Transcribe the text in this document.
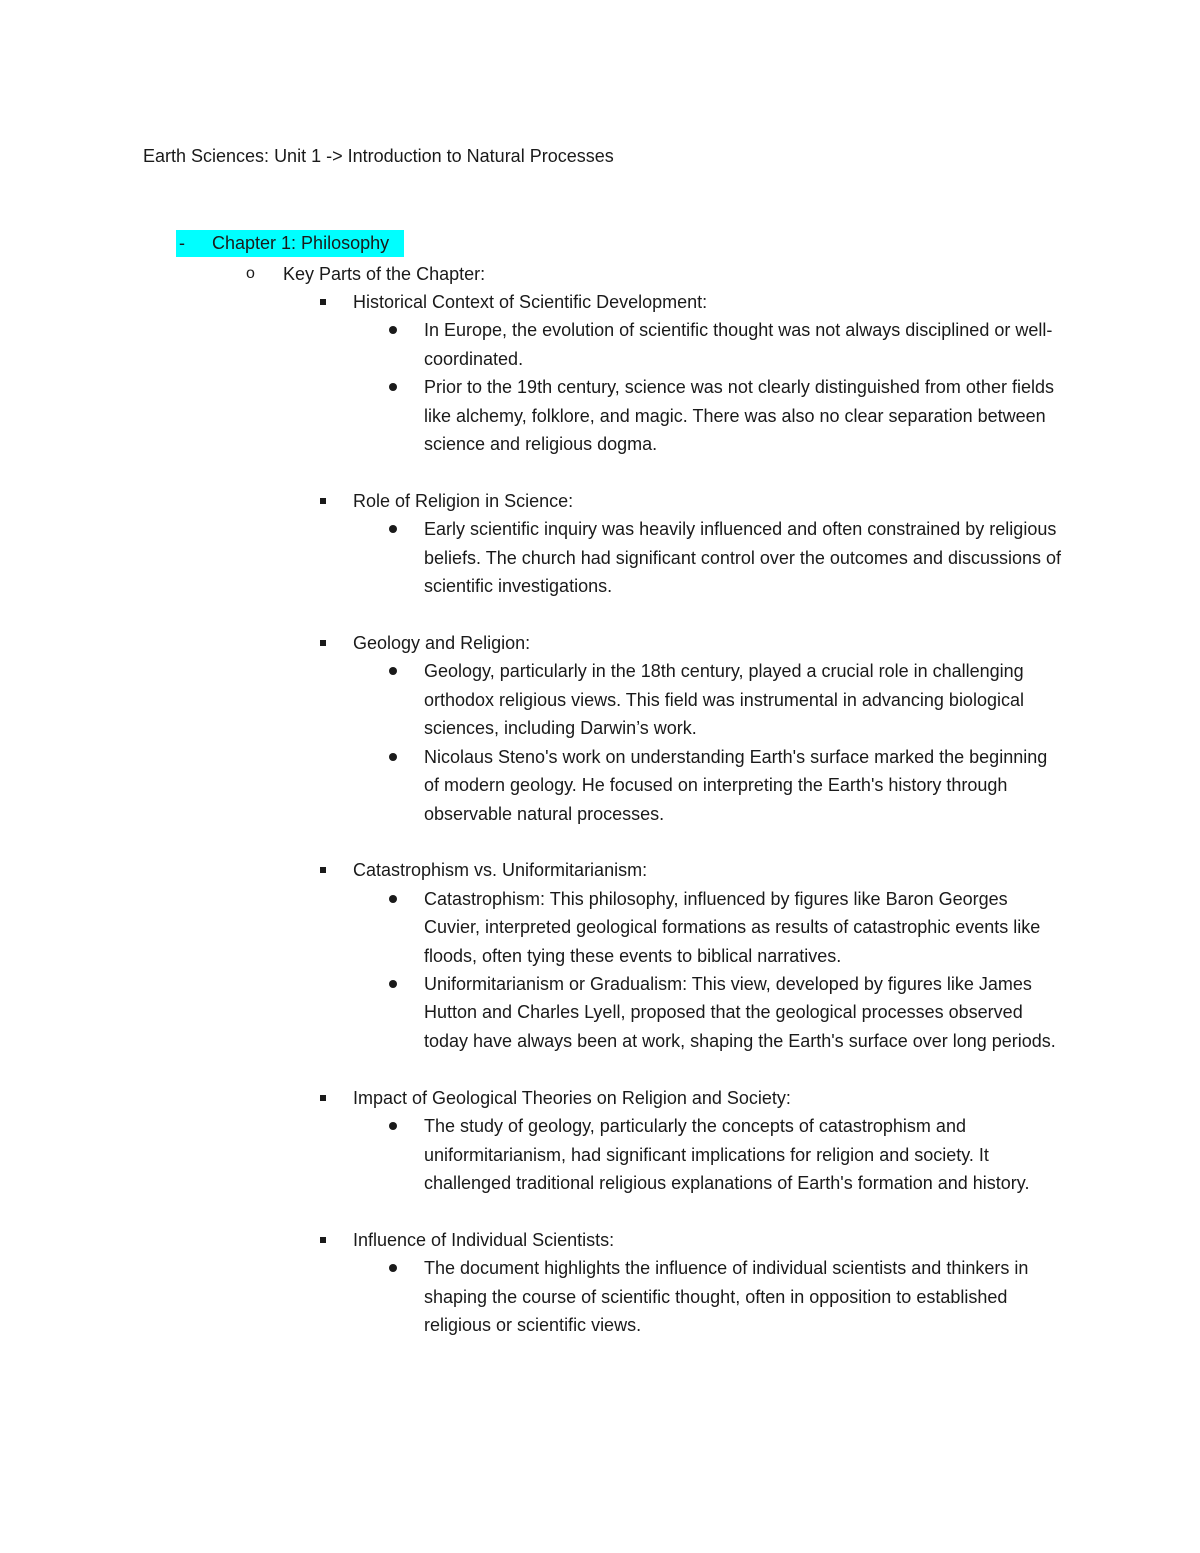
Earth Sciences: Unit 1 -> Introduction to Natural Processes
- Chapter 1: Philosophy
o Key Parts of the Chapter:
Historical Context of Scientific Development:
In Europe, the evolution of scientific thought was not always disciplined or well-coordinated.
Prior to the 19th century, science was not clearly distinguished from other fields like alchemy, folklore, and magic. There was also no clear separation between science and religious dogma.
Role of Religion in Science:
Early scientific inquiry was heavily influenced and often constrained by religious beliefs. The church had significant control over the outcomes and discussions of scientific investigations.
Geology and Religion:
Geology, particularly in the 18th century, played a crucial role in challenging orthodox religious views. This field was instrumental in advancing biological sciences, including Darwin’s work.
Nicolaus Steno's work on understanding Earth's surface marked the beginning of modern geology. He focused on interpreting the Earth's history through observable natural processes.
Catastrophism vs. Uniformitarianism:
Catastrophism: This philosophy, influenced by figures like Baron Georges Cuvier, interpreted geological formations as results of catastrophic events like floods, often tying these events to biblical narratives.
Uniformitarianism or Gradualism: This view, developed by figures like James Hutton and Charles Lyell, proposed that the geological processes observed today have always been at work, shaping the Earth's surface over long periods.
Impact of Geological Theories on Religion and Society:
The study of geology, particularly the concepts of catastrophism and uniformitarianism, had significant implications for religion and society. It challenged traditional religious explanations of Earth's formation and history.
Influence of Individual Scientists:
The document highlights the influence of individual scientists and thinkers in shaping the course of scientific thought, often in opposition to established religious or scientific views.
